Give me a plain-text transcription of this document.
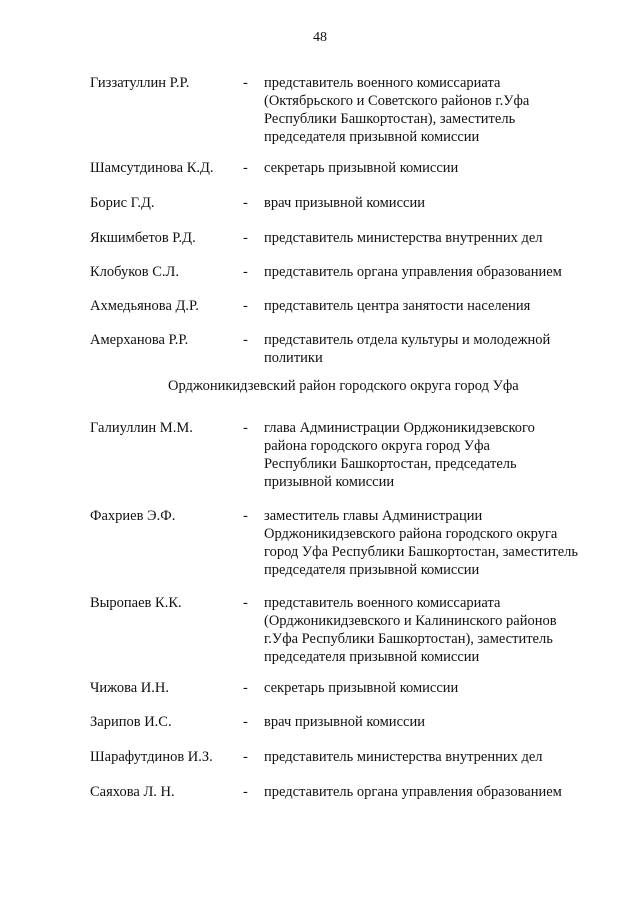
48
Гиззатуллин Р.Р.	- представитель военного комиссариата
(Октябрьского и Советского районов г.Уфа
Республики Башкортостан), заместитель
председателя призывной комиссии
Шамсутдинова К.Д. - секретарь призывной комиссии
Борис Г.Д.	- врач призывной комиссии
Якшимбетов Р.Д.	- представитель министерства внутренних дел
Клобуков С.Л.	- представитель органа управления образованием
Ахмедьянова Д.Р.	- представитель центра занятости населения
Амерханова Р.Р.	- представитель отдела культуры и молодежной
политики
Орджоникидзевский район городского округа город Уфа
Галиуллин М.М.	- глава Администрации Орджоникидзевского
района городского округа город Уфа
Республики Башкортостан, председатель
призывной комиссии
Фахриев Э.Ф.	- заместитель главы Администрации
Орджоникидзевского района городского округа
город Уфа Республики Башкортостан, заместитель
председателя призывной комиссии
Выропаев К.К.	- представитель военного комиссариата
(Орджоникидзевского и Калининского районов
г.Уфа Республики Башкортостан), заместитель
председателя призывной комиссии
Чижова И.Н.	- секретарь призывной комиссии
Зарипов И.С.	- врач призывной комиссии
Шарафутдинов И.З. - представитель министерства внутренних дел
Саяхова Л. Н.	- представитель органа управления образованием
